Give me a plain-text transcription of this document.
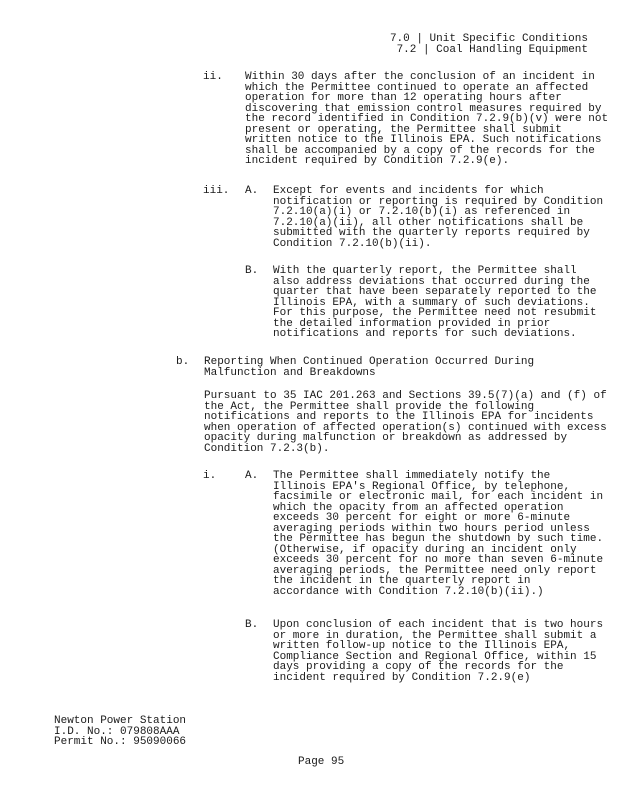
7.0 | Unit Specific Conditions
7.2 | Coal Handling Equipment
ii. Within 30 days after the conclusion of an incident in
which the Permittee continued to operate an affected
operation for more than 12 operating hours after
discovering that emission control measures required by
the record identified in Condition 7.2.9(b)(v) were not
present or operating, the Permittee shall submit
written notice to the Illinois EPA. Such notifications
shall be accompanied by a copy of the records for the
incident required by Condition 7.2.9(e).
iii. A. Except for events and incidents for which
notification or reporting is required by Condition
7.2.10(a)(i) or 7.2.10(b)(i) as referenced in
7.2.10(a)(ii), all other notifications shall be
submitted with the quarterly reports required by
Condition 7.2.10(b)(ii).
B. With the quarterly report, the Permittee shall
also address deviations that occurred during the
quarter that have been separately reported to the
Illinois EPA, with a summary of such deviations.
For this purpose, the Permittee need not resubmit
the detailed information provided in prior
notifications and reports for such deviations.
b. Reporting When Continued Operation Occurred During
Malfunction and Breakdowns
Pursuant to 35 IAC 201.263 and Sections 39.5(7)(a) and (f) of
the Act, the Permittee shall provide the following
notifications and reports to the Illinois EPA for incidents
when operation of affected operation(s) continued with excess
opacity during malfunction or breakdown as addressed by
Condition 7.2.3(b).
i.	A. The Permittee shall immediately notify the
Illinois EPA's Regional Office, by telephone,
facsimile or electronic mail, for each incident in
which the opacity from an affected operation
exceeds 30 percent for eight or more 6-minute
averaging periods within two hours period unless
the Permittee has begun the shutdown by such time.
(Otherwise, if opacity during an incident only
exceeds 30 percent for no more than seven 6-minute
averaging periods, the Permittee need only report
the incident in the quarterly report in
accordance with Condition 7.2.10(b)(ii).)
B. Upon conclusion of each incident that is two hours
or more in duration, the Permittee shall submit a
written follow-up notice to the Illinois EPA,
Compliance Section and Regional Office, within 15
days providing a copy of the records for the
incident required by Condition 7.2.9(e)
Newton Power Station
I.D. No.: 079808AAA
Permit No.: 95090066
Page 95
